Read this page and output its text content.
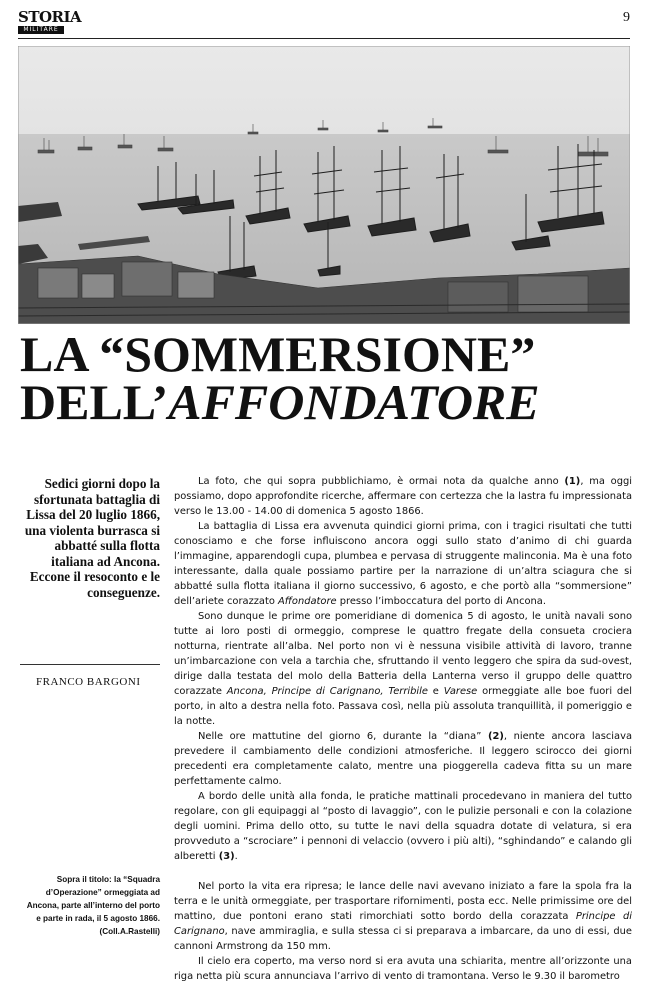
STORIA
MILITARE
9
LA “SOMMERSIONE”
DELL’AFFONDATORE
Sedici giorni dopo la sfortunata battaglia di Lissa del 20 luglio 1866, una violenta burrasca si abbatté sulla flotta italiana ad Ancona. Eccone il resoconto e le conseguenze.
FRANCO BARGONI
Sopra il titolo: la “Squadra d’Operazione” ormeggiata ad Ancona, parte all’interno del porto e parte in rada, il 5 agosto 1866. (Coll.A.Rastelli)

La foto, che qui sopra pubblichiamo, è ormai nota da qualche anno (1), ma oggi possiamo, dopo approfondite ricerche, affermare con certezza che la lastra fu impressionata verso le 13.00 - 14.00 di domenica 5 agosto 1866.

La battaglia di Lissa era avvenuta quindici giorni prima, con i tragici risultati che tutti conosciamo e che forse influiscono ancora oggi sullo stato d’animo di chi guarda l’immagine, apparendogli cupa, plumbea e pervasa di struggente malinconia. Ma è una foto interessante, dalla quale possiamo partire per la narrazione di un’altra sciagura che si abbatté sulla flotta italiana il giorno successivo, 6 agosto, e che portò alla “sommersione” dell’ariete corazzato Affondatore presso l’imboccatura del porto di Ancona.

Sono dunque le prime ore pomeridiane di domenica 5 di agosto, le unità navali sono tutte ai loro posti di ormeggio, comprese le quattro fregate della consueta crociera notturna, rientrate all’alba. Nel porto non vi è nessuna visibile attività di lavoro, tranne un’imbarcazione con vela a tarchia che, sfruttando il vento leggero che spira da sud-ovest, dirige dalla testata del molo della Batteria della Lanterna verso il gruppo delle quattro corazzate Ancona, Principe di Carignano, Terribile e Varese ormeggiate alle boe fuori del porto, in alto a destra nella foto. Passava così, nella più assoluta tranquillità, il pomeriggio e la notte.

Nelle ore mattutine del giorno 6, durante la “diana” (2), niente ancora lasciava prevedere il cambiamento delle condizioni atmosferiche. Il leggero scirocco dei giorni precedenti era completamente calato, mentre una pioggerella cadeva fitta su un mare perfettamente calmo.

A bordo delle unità alla fonda, le pratiche mattinali procedevano in maniera del tutto regolare, con gli equipaggi al “posto di lavaggio”, con le pulizie personali e con la colazione degli uomini. Prima dello otto, su tutte le navi della squadra dotate di velatura, si era provveduto a “scrociare” i pennoni di velaccio (ovvero i più alti), “sghindando” e calando gli alberetti (3).

Nel porto la vita era ripresa; le lance delle navi avevano iniziato a fare la spola fra la terra e le unità ormeggiate, per trasportare rifornimenti, posta ecc. Nelle primissime ore del mattino, due pontoni erano stati rimorchiati sotto bordo della corazzata Principe di Carignano, nave ammiraglia, e sulla stessa ci si preparava a imbarcare, da uno di essi, due cannoni Armstrong da 150 mm.

Il cielo era coperto, ma verso nord si era avuta una schiarita, mentre all’orizzonte una riga netta più scura annunciava l’arrivo di vento di tramontana. Verso le 9.30 il barometro
